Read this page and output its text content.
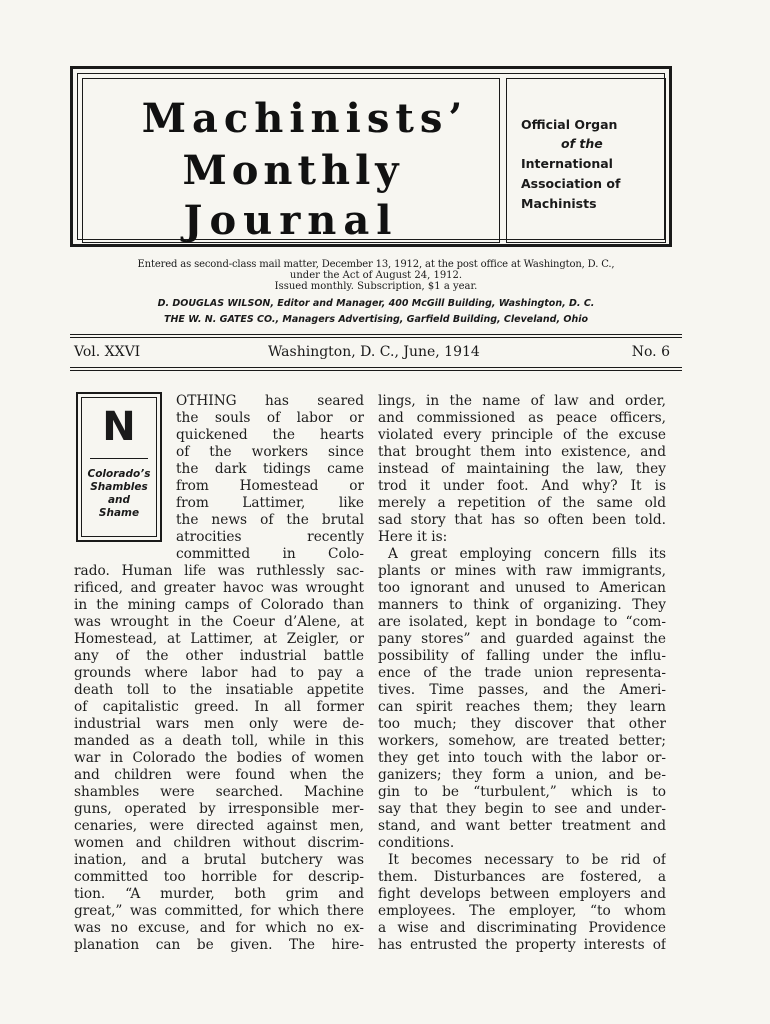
Machinists’
Monthly
Journal
Official Organ
of the
International
Association of
Machinists
Entered as second-class mail matter, December 13, 1912, at the post office at Washington, D. C.,
under the Act of August 24, 1912.
Issued monthly. Subscription, $1 a year.
D. DOUGLAS WILSON, Editor and Manager, 400 McGill Building, Washington, D. C.
THE W. N. GATES CO., Managers Advertising, Garfield Building, Cleveland, Ohio
Vol. XXVI	Washington, D. C., June, 1914	No. 6
N
Colorado’s
Shambles
and
Shame
OTHING has seared
the souls of labor or
quickened the hearts
of the workers since
the dark tidings came
from Homestead or
from Lattimer, like
the news of the brutal
atrocities recently
committed in Colo-
rado. Human life was ruthlessly sac-
rificed, and greater havoc was wrought
in the mining camps of Colorado than
was wrought in the Coeur d’Alene, at
Homestead, at Lattimer, at Zeigler, or
any of the other industrial battle
grounds where labor had to pay a
death toll to the insatiable appetite
of capitalistic greed. In all former
industrial wars men only were de-
manded as a death toll, while in this
war in Colorado the bodies of women
and children were found when the
shambles were searched. Machine
guns, operated by irresponsible mer-
cenaries, were directed against men,
women and children without discrim-
ination, and a brutal butchery was
committed too horrible for descrip-
tion. “A murder, both grim and
great,” was committed, for which there
was no excuse, and for which no ex-
planation can be given. The hire-
lings, in the name of law and order,
and commissioned as peace officers,
violated every principle of the excuse
that brought them into existence, and
instead of maintaining the law, they
trod it under foot. And why? It is
merely a repetition of the same old
sad story that has so often been told.
Here it is:
A great employing concern fills its
plants or mines with raw immigrants,
too ignorant and unused to American
manners to think of organizing. They
are isolated, kept in bondage to “com-
pany stores” and guarded against the
possibility of falling under the influ-
ence of the trade union representa-
tives. Time passes, and the Ameri-
can spirit reaches them; they learn
too much; they discover that other
workers, somehow, are treated better;
they get into touch with the labor or-
ganizers; they form a union, and be-
gin to be “turbulent,” which is to
say that they begin to see and under-
stand, and want better treatment and
conditions.
It becomes necessary to be rid of
them. Disturbances are fostered, a
fight develops between employers and
employees. The employer, “to whom
a wise and discriminating Providence
has entrusted the property interests of
